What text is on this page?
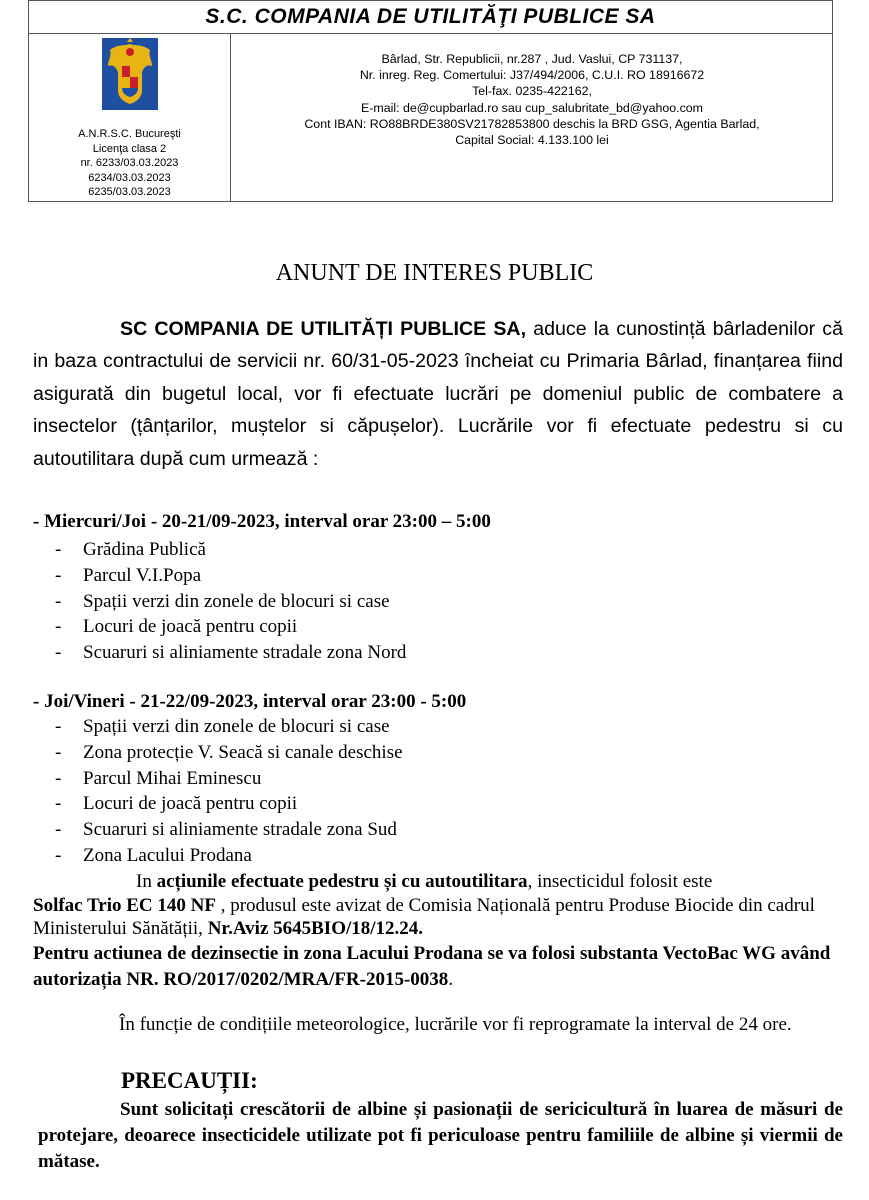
S.C. COMPANIA DE UTILITĂŢI PUBLICE SA
A.N.R.S.C. Bucureşti
Licenţa clasa 2
nr. 6233/03.03.2023
6234/03.03.2023
6235/03.03.2023
Bârlad, Str. Republicii, nr.287 , Jud. Vaslui, CP 731137,
Nr. inreg. Reg. Comertului: J37/494/2006, C.U.I. RO 18916672
Tel-fax. 0235-422162,
E-mail: de@cupbarlad.ro sau cup_salubritate_bd@yahoo.com
Cont IBAN: RO88BRDE380SV21782853800 deschis la BRD GSG, Agentia Barlad,
Capital Social: 4.133.100 lei
ANUNT DE INTERES PUBLIC

SC COMPANIA DE UTILITĂȚI PUBLICE SA, aduce la cunostință bârladenilor că in baza contractului de servicii nr. 60/31-05-2023 încheiat cu Primaria Bârlad, finanțarea fiind asigurată din bugetul local, vor fi efectuate lucrări pe domeniul public de combatere a insectelor (țânțarilor, muștelor si căpușelor). Lucrările vor fi efectuate pedestru si cu autoutilitara după cum urmează :

- Miercuri/Joi - 20-21/09-2023, interval orar 23:00 – 5:00
- Grădina Publică
- Parcul V.I.Popa
- Spații verzi din zonele de blocuri si case
- Locuri de joacă pentru copii
- Scuaruri si aliniamente stradale zona Nord
- Joi/Vineri - 21-22/09-2023, interval orar 23:00 - 5:00
- Spații verzi din zonele de blocuri si case
- Zona protecție V. Seacă si canale deschise
- Parcul Mihai Eminescu
- Locuri de joacă pentru copii
- Scuaruri si aliniamente stradale zona Sud
- Zona Lacului Prodana

In acțiunile efectuate pedestru și cu autoutilitara, insecticidul folosit este
Solfac Trio EC 140 NF , produsul este avizat de Comisia Națională pentru Produse Biocide din cadrul Ministerului Sănătății, Nr.Aviz 5645BIO/18/12.24.

Pentru actiunea de dezinsectie in zona Lacului Prodana se va folosi substanta VectoBac WG având autorizația NR. RO/2017/0202/MRA/FR-2015-0038.

În funcție de condițiile meteorologice, lucrările vor fi reprogramate la interval de 24 ore.

PRECAUȚII:

Sunt solicitați crescătorii de albine și pasionații de sericicultură în luarea de măsuri de protejare, deoarece insecticidele utilizate pot fi periculoase pentru familiile de albine și viermii de mătase.
